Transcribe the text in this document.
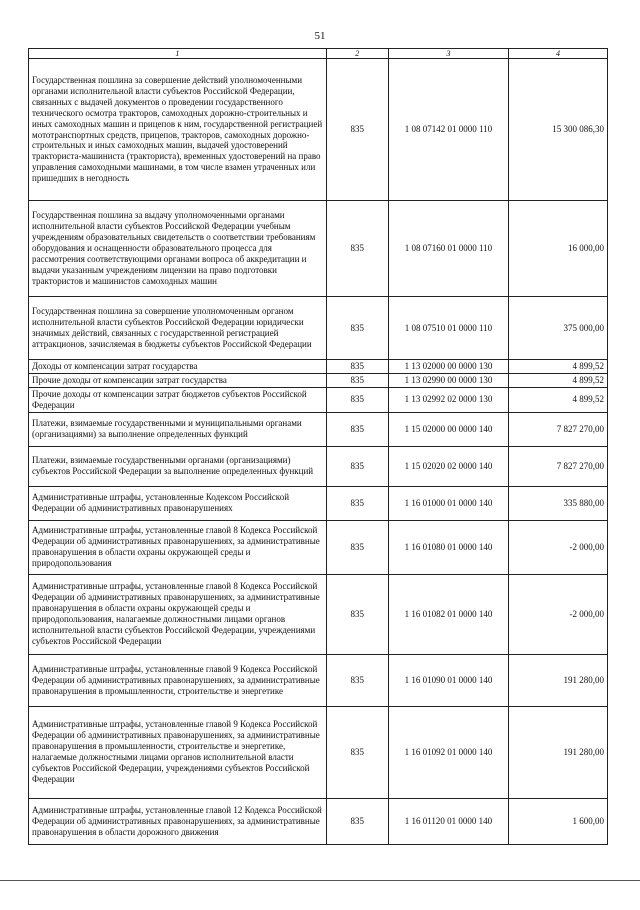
51
1	2	3	4
Государственная пошлина за совершение действий уполномоченными органами исполнительной власти субъектов Российской Федерации, связанных с выдачей документов о проведении государственного технического осмотра тракторов, самоходных дорожно-строительных и иных самоходных машин и прицепов к ним, государственной регистрацией мототранспортных средств, прицепов, тракторов, самоходных дорожно-строительных и иных самоходных машин, выдачей удостоверений тракториста-машиниста (тракториста), временных удостоверений на право управления самоходными машинами, в том числе взамен утраченных или пришедших в негодность	835	1 08 07142 01 0000 110	15 300 086,30
Государственная пошлина за выдачу уполномоченными органами исполнительной власти субъектов Российской Федерации учебным учреждениям образовательных свидетельств о соответствии требованиям оборудования и оснащенности образовательного процесса для рассмотрения соответствующими органами вопроса об аккредитации и выдачи указанным учреждениям лицензии на право подготовки трактористов и машинистов самоходных машин	835	1 08 07160 01 0000 110	16 000,00
Государственная пошлина за совершение уполномоченным органом исполнительной власти субъектов Российской Федерации юридически значимых действий, связанных с государственной регистрацией аттракционов, зачисляемая в бюджеты субъектов Российской Федерации	835	1 08 07510 01 0000 110	375 000,00
Доходы от компенсации затрат государства	835	1 13 02000 00 0000 130	4 899,52
Прочие доходы от компенсации затрат государства	835	1 13 02990 00 0000 130	4 899,52
Прочие доходы от компенсации затрат бюджетов субъектов Российской Федерации	835	1 13 02992 02 0000 130	4 899,52
Платежи, взимаемые государственными и муниципальными органами (организациями) за выполнение определенных функций	835	1 15 02000 00 0000 140	7 827 270,00
Платежи, взимаемые государственными органами (организациями) субъектов Российской Федерации за выполнение определенных функций	835	1 15 02020 02 0000 140	7 827 270,00
Административные штрафы, установленные Кодексом Российской Федерации об административных правонарушениях	835	1 16 01000 01 0000 140	335 880,00
Административные штрафы, установленные главой 8 Кодекса Российской Федерации об административных правонарушениях, за административные правонарушения в области охраны окружающей среды и природопользования	835	1 16 01080 01 0000 140	-2 000,00
Административные штрафы, установленные главой 8 Кодекса Российской Федерации об административных правонарушениях, за административные правонарушения в области охраны окружающей среды и природопользования, налагаемые должностными лицами органов исполнительной власти субъектов Российской Федерации, учреждениями субъектов Российской Федерации	835	1 16 01082 01 0000 140	-2 000,00
Административные штрафы, установленные главой 9 Кодекса Российской Федерации об административных правонарушениях, за административные правонарушения в промышленности, строительстве и энергетике	835	1 16 01090 01 0000 140	191 280,00
Административные штрафы, установленные главой 9 Кодекса Российской Федерации об административных правонарушениях, за административные правонарушения в промышленности, строительстве и энергетике, налагаемые должностными лицами органов исполнительной власти субъектов Российской Федерации, учреждениями субъектов Российской Федерации	835	1 16 01092 01 0000 140	191 280,00
Административные штрафы, установленные главой 12 Кодекса Российской Федерации об административных правонарушениях, за административные правонарушения в области дорожного движения	835	1 16 01120 01 0000 140	1 600,00
